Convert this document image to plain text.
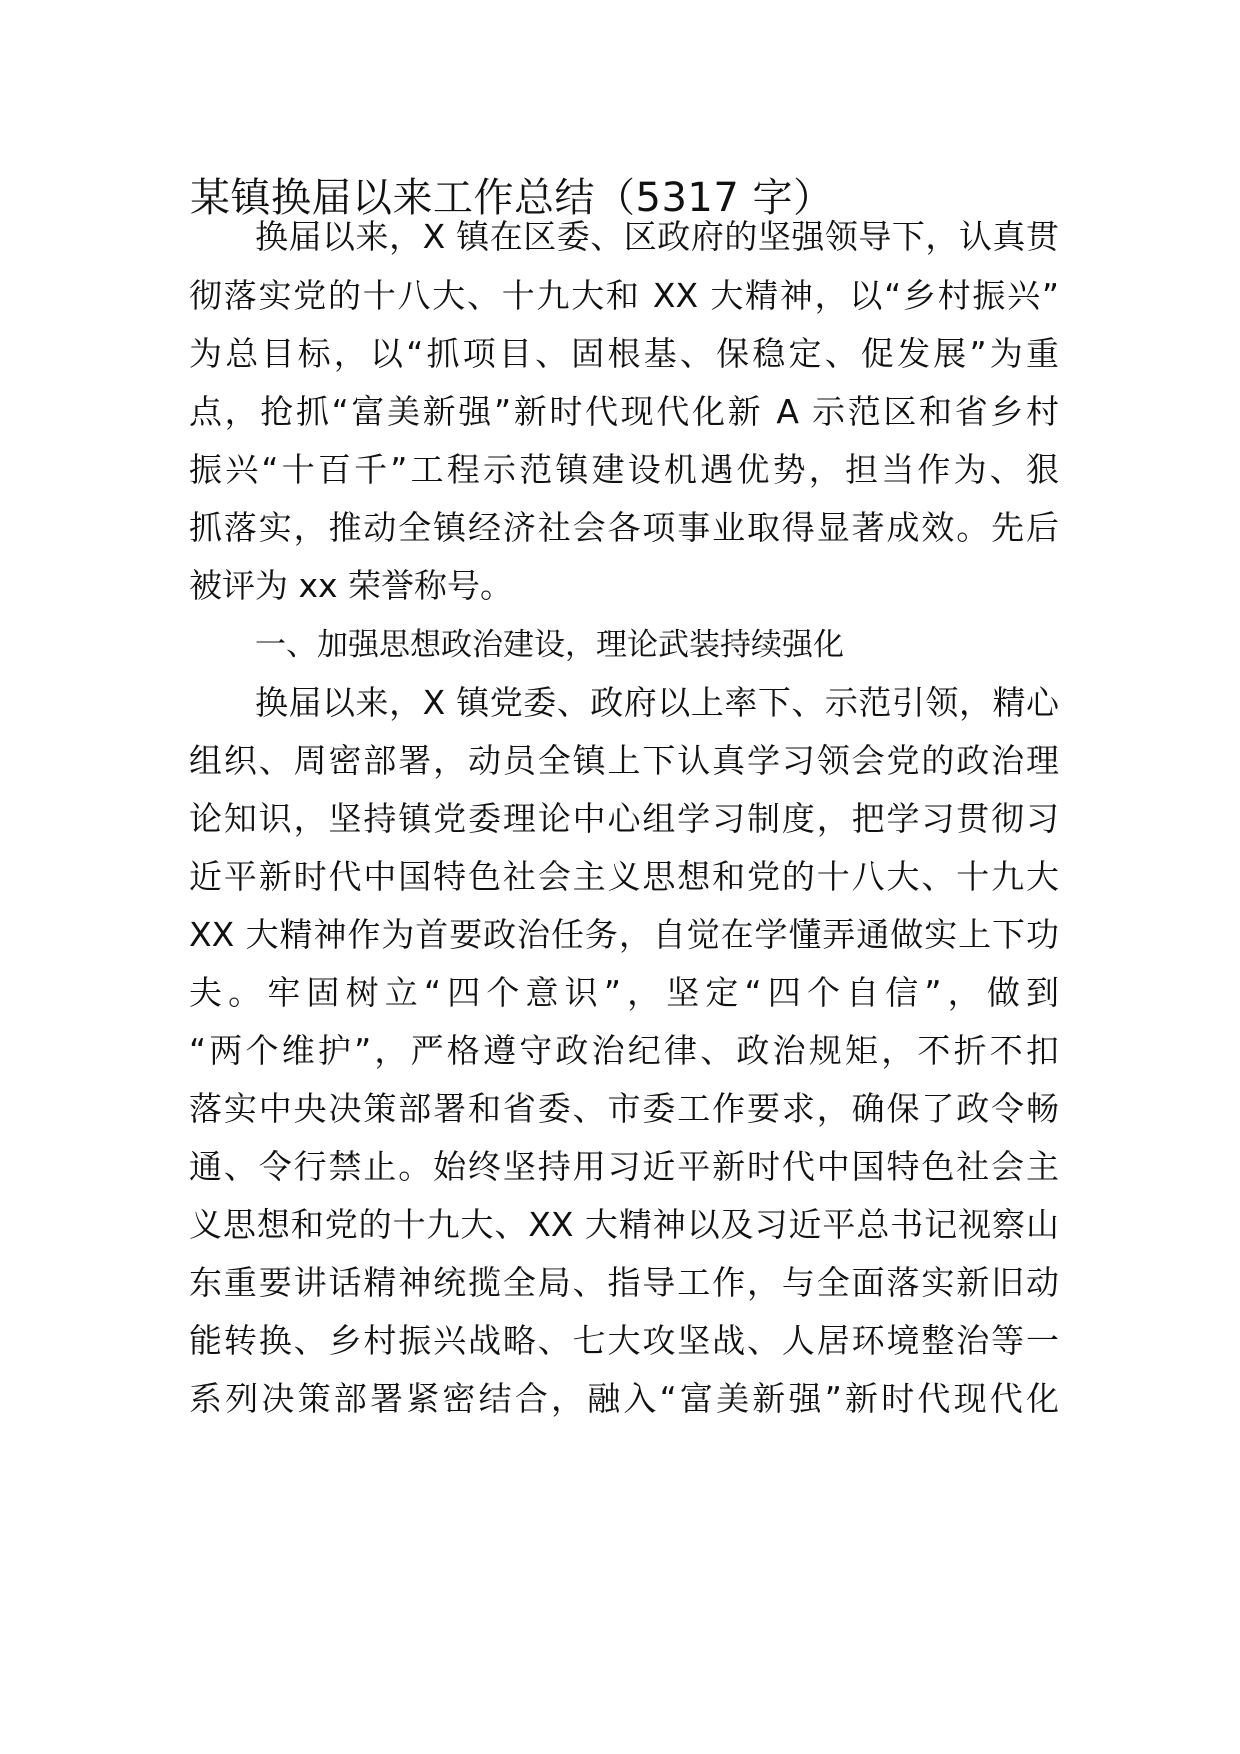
某镇换届以来工作总结（5317 字）

换届以来，X 镇在区委、区政府的坚强领导下，认真贯

彻落实党的十八大、十九大和 XX 大精神，以“乡村振兴”

为总目标，以“抓项目、固根基、保稳定、促发展”为重

点，抢抓“富美新强”新时代现代化新 A 示范区和省乡村

振兴“十百千”工程示范镇建设机遇优势，担当作为、狠

抓落实，推动全镇经济社会各项事业取得显著成效。先后

被评为 xx 荣誉称号。

一、加强思想政治建设，理论武装持续强化

换届以来，X 镇党委、政府以上率下、示范引领，精心

组织、周密部署，动员全镇上下认真学习领会党的政治理

论知识，坚持镇党委理论中心组学习制度，把学习贯彻习

近平新时代中国特色社会主义思想和党的十八大、十九大

XX 大精神作为首要政治任务，自觉在学懂弄通做实上下功

夫。牢固树立“四个意识”，坚定“四个自信”，做到

“两个维护”，严格遵守政治纪律、政治规矩，不折不扣

落实中央决策部署和省委、市委工作要求，确保了政令畅

通、令行禁止。始终坚持用习近平新时代中国特色社会主

义思想和党的十九大、XX 大精神以及习近平总书记视察山

东重要讲话精神统揽全局、指导工作，与全面落实新旧动

能转换、乡村振兴战略、七大攻坚战、人居环境整治等一

系列决策部署紧密结合，融入“富美新强”新时代现代化
